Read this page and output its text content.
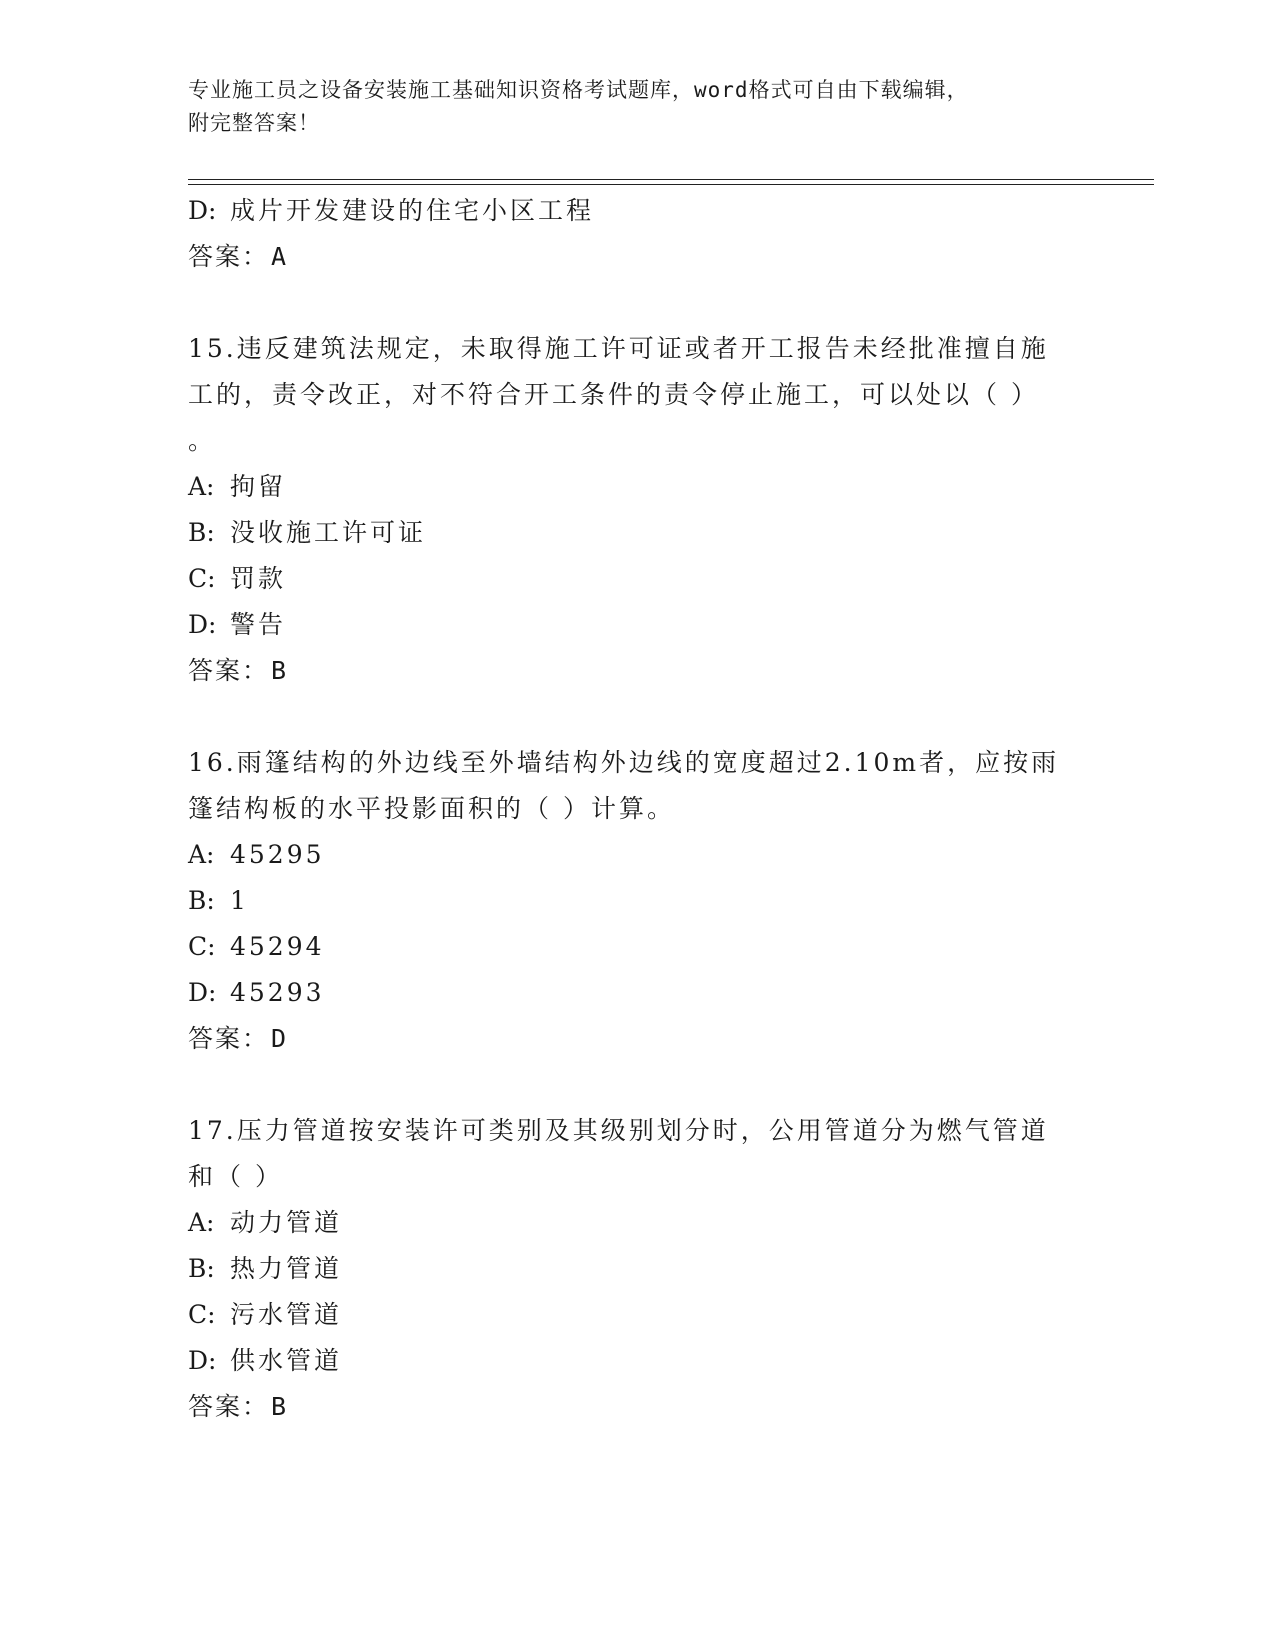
专业施工员之设备安装施工基础知识资格考试题库，word格式可自由下载编辑，
附完整答案！
D: 成片开发建设的住宅小区工程
答案：A
15.违反建筑法规定，未取得施工许可证或者开工报告未经批准擅自施
工的，责令改正，对不符合开工条件的责令停止施工，可以处以（ ）
。
A: 拘留
B: 没收施工许可证
C: 罚款
D: 警告
答案：B
16.雨篷结构的外边线至外墙结构外边线的宽度超过2.10m者，应按雨
篷结构板的水平投影面积的（ ）计算。
A: 45295
B: 1
C: 45294
D: 45293
答案：D
17.压力管道按安装许可类别及其级别划分时，公用管道分为燃气管道
和（ ）
A: 动力管道
B: 热力管道
C: 污水管道
D: 供水管道
答案：B
